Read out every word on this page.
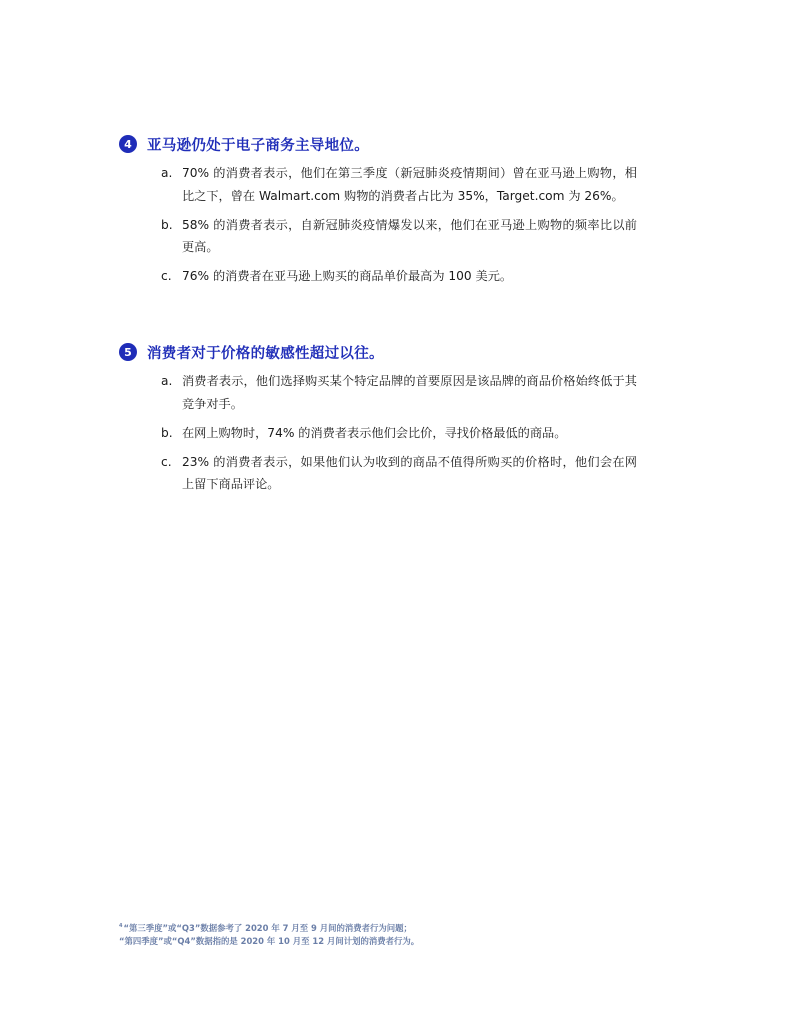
4	亚马逊仍处于电子商务主导地位。
a. 70% 的消费者表示，他们在第三季度（新冠肺炎疫情期间）曾在亚马逊上购物，相比之下，曾在 Walmart.com 购物的消费者占比为 35%，Target.com 为 26%。
b. 58% 的消费者表示，自新冠肺炎疫情爆发以来，他们在亚马逊上购物的频率比以前更高。
c. 76% 的消费者在亚马逊上购买的商品单价最高为 100 美元。
5	消费者对于价格的敏感性超过以往。
a. 消费者表示，他们选择购买某个特定品牌的首要原因是该品牌的商品价格始终低于其竞争对手。
b. 在网上购物时，74% 的消费者表示他们会比价，寻找价格最低的商品。
c. 23% 的消费者表示，如果他们认为收到的商品不值得所购买的价格时，他们会在网上留下商品评论。
$^4$“第三季度”或“Q3”数据参考了 2020 年 7 月至 9 月间的消费者行为问题；
“第四季度”或“Q4”数据指的是 2020 年 10 月至 12 月间计划的消费者行为。
